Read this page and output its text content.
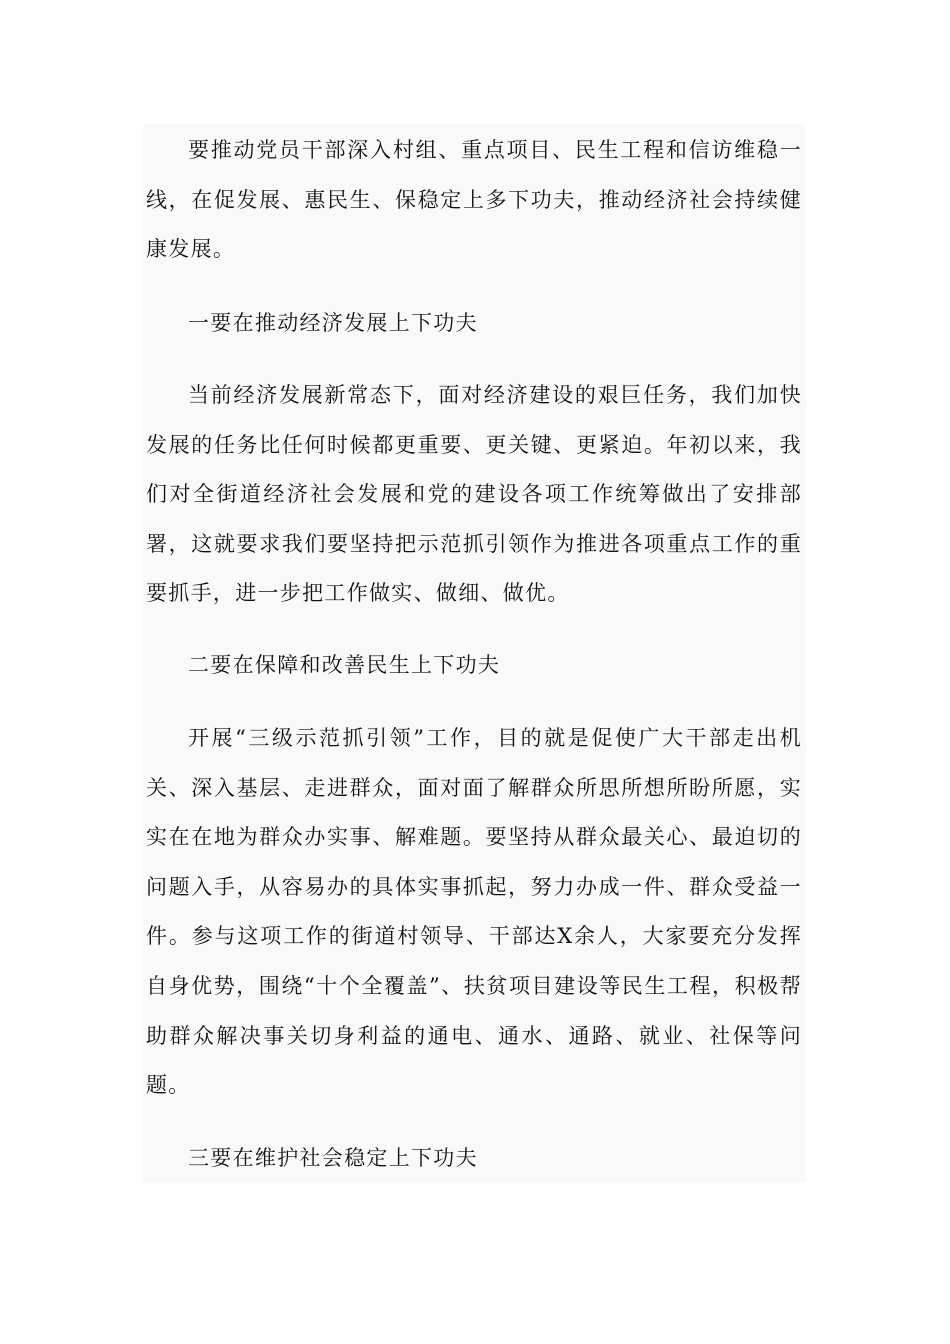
要推动党员干部深入村组、重点项目、民生工程和信访维稳一线，在促发展、惠民生、保稳定上多下功夫，推动经济社会持续健康发展。

一要在推动经济发展上下功夫

当前经济发展新常态下，面对经济建设的艰巨任务，我们加快发展的任务比任何时候都更重要、更关键、更紧迫。年初以来，我们对全街道经济社会发展和党的建设各项工作统筹做出了安排部署，这就要求我们要坚持把示范抓引领作为推进各项重点工作的重要抓手，进一步把工作做实、做细、做优。

二要在保障和改善民生上下功夫

开展“三级示范抓引领”工作，目的就是促使广大干部走出机关、深入基层、走进群众，面对面了解群众所思所想所盼所愿，实实在在地为群众办实事、解难题。要坚持从群众最关心、最迫切的问题入手，从容易办的具体实事抓起，努力办成一件、群众受益一件。参与这项工作的街道村领导、干部达X余人，大家要充分发挥自身优势，围绕“十个全覆盖”、扶贫项目建设等民生工程，积极帮助群众解决事关切身利益的通电、通水、通路、就业、社保等问题。

三要在维护社会稳定上下功夫
